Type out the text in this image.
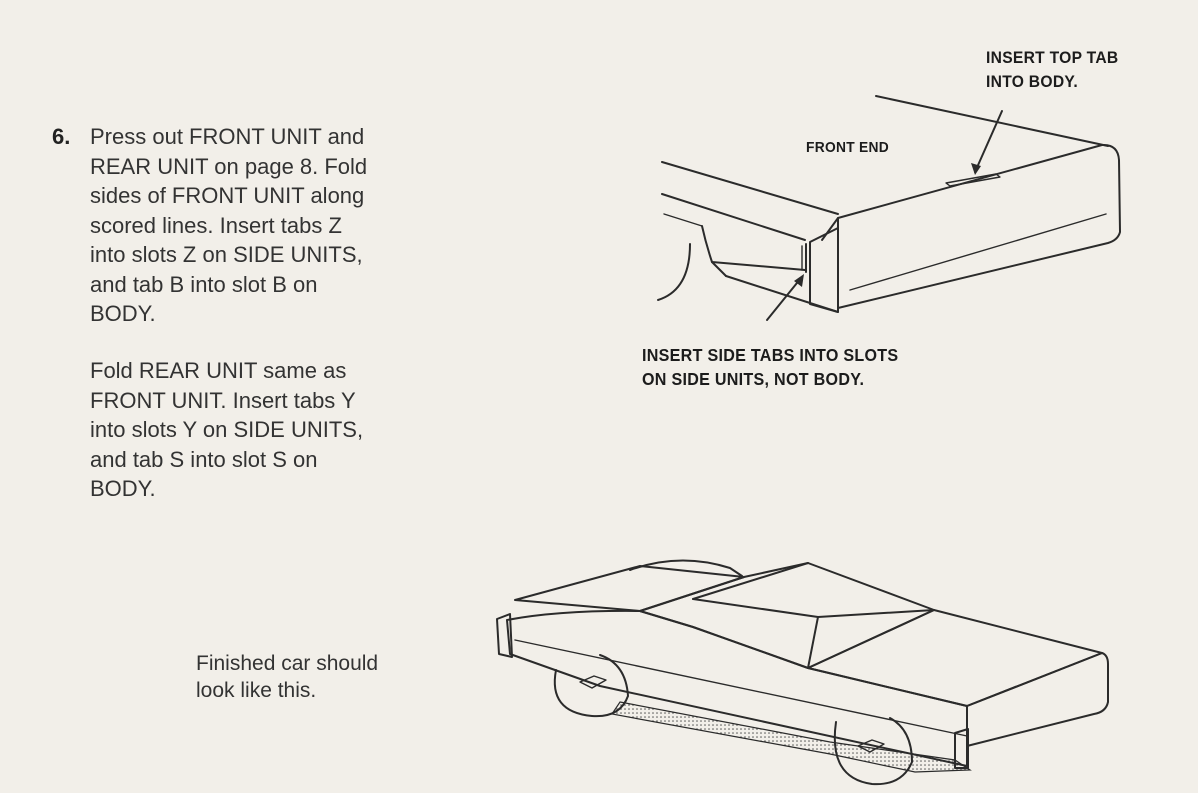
6. Press out FRONT UNIT and
REAR UNIT on page 8. Fold
sides of FRONT UNIT along
scored lines. Insert tabs Z
into slots Z on SIDE UNITS,
and tab B into slot B on
BODY.
Fold REAR UNIT same as
FRONT UNIT. Insert tabs Y
into slots Y on SIDE UNITS,
and tab S into slot S on
BODY.
INSERT TOP TAB
INTO BODY.
FRONT END
INSERT SIDE TABS INTO SLOTS
ON SIDE UNITS, NOT BODY.
Finished car should
look like this.
